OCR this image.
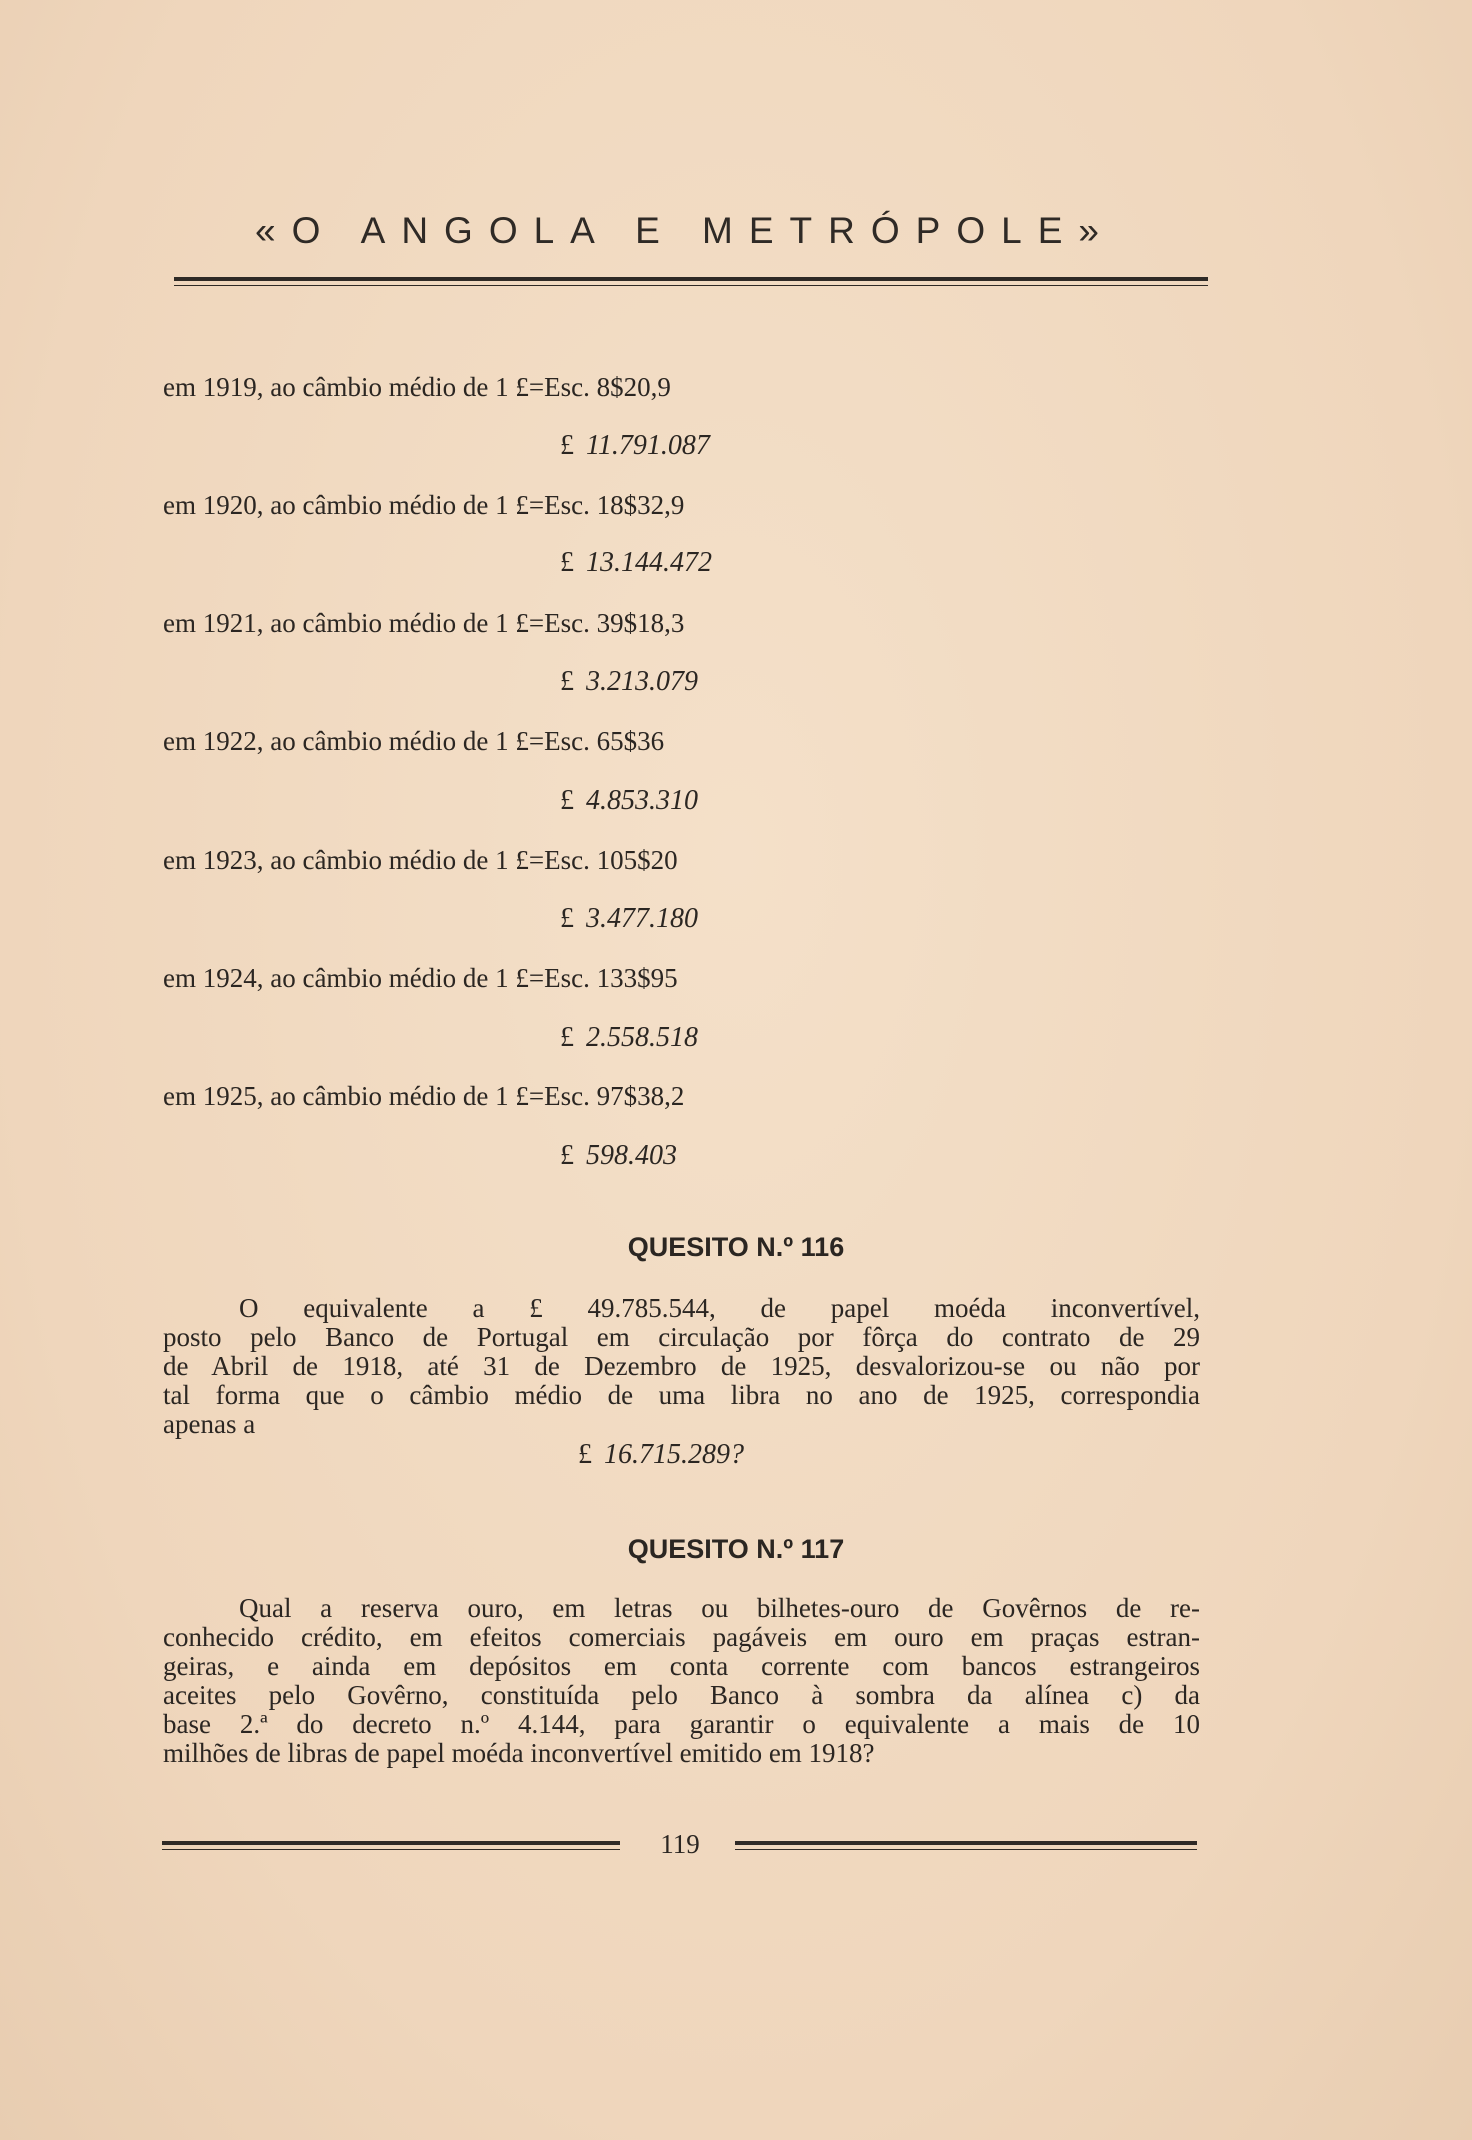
«O ANGOLA E METRÓPOLE»
em 1919, ao câmbio médio de 1 £=Esc. 8$20,9
£ 11.791.087
em 1920, ao câmbio médio de 1 £=Esc. 18$32,9
£ 13.144.472
em 1921, ao câmbio médio de 1 £=Esc. 39$18,3
£ 3.213.079
em 1922, ao câmbio médio de 1 £=Esc. 65$36
£ 4.853.310
em 1923, ao câmbio médio de 1 £=Esc. 105$20
£ 3.477.180
em 1924, ao câmbio médio de 1 £=Esc. 133$95
£ 2.558.518
em 1925, ao câmbio médio de 1 £=Esc. 97$38,2
£ 598.403
QUESITO N.º 116
O equivalente a £ 49.785.544, de papel moéda inconvertível,
posto pelo Banco de Portugal em circulação por fôrça do contrato de 29
de Abril de 1918, até 31 de Dezembro de 1925, desvalorizou-se ou não por
tal forma que o câmbio médio de uma libra no ano de 1925, correspondia
apenas a
£ 16.715.289?
QUESITO N.º 117
Qual a reserva ouro, em letras ou bilhetes-ouro de Govêrnos de re-
conhecido crédito, em efeitos comerciais pagáveis em ouro em praças estran-
geiras, e ainda em depósitos em conta corrente com bancos estrangeiros
aceites pelo Govêrno, constituída pelo Banco à sombra da alínea c) da
base 2.ª do decreto n.º 4.144, para garantir o equivalente a mais de 10
milhões de libras de papel moéda inconvertível emitido em 1918?
119
